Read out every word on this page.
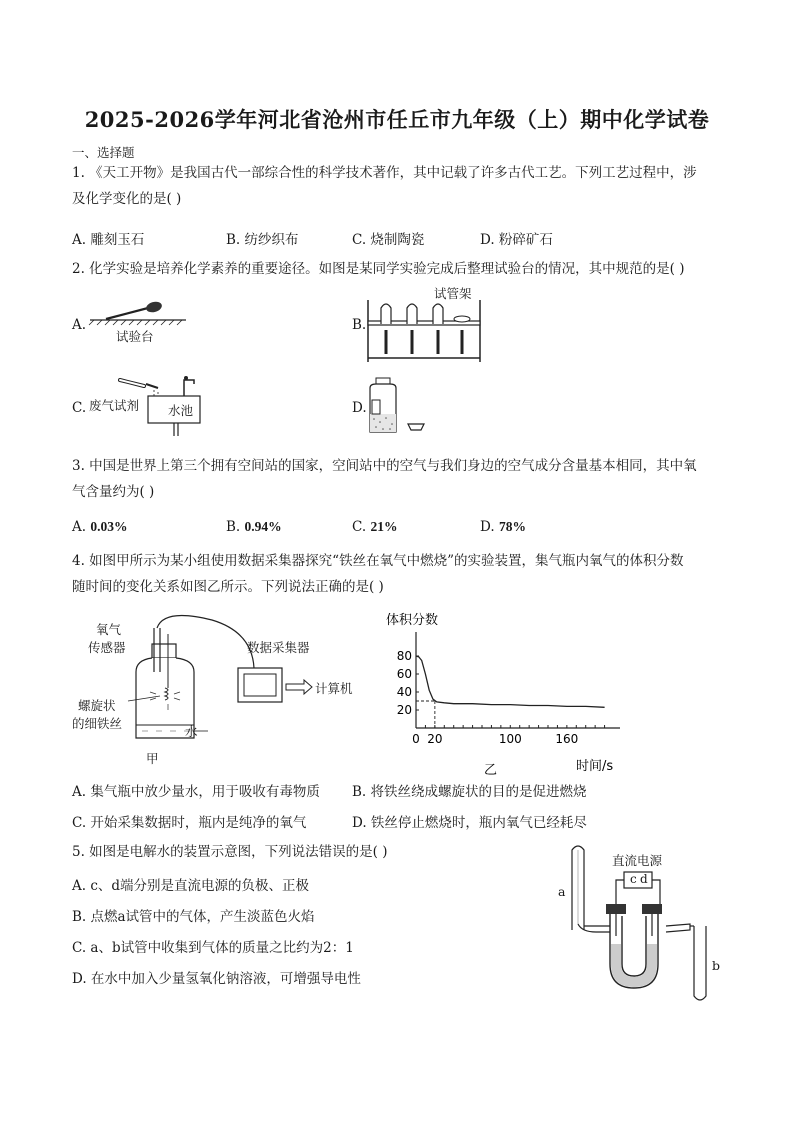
2025-2026学年河北省沧州市任丘市九年级（上）期中化学试卷
一、选择题
1. 《天工开物》是我国古代一部综合性的科学技术著作，其中记载了许多古代工艺。下列工艺过程中，涉
及化学变化的是( )
A. 雕刻玉石	B. 纺纱织布	C. 烧制陶瓷	D. 粉碎矿石
2. 化学实验是培养化学素养的重要途径。如图是某同学实验完成后整理试验台的情况，其中规范的是( )
A.
试验台
B.
试管架
C. 废气试剂 水池	D.
3. 中国是世界上第三个拥有空间站的国家，空间站中的空气与我们身边的空气成分含量基本相同，其中氧
气含量约为( )
A. 0.03%	B. 0.94%	C. 21%	D. 78%
4. 如图甲所示为某小组使用数据采集器探究“铁丝在氧气中燃烧”的实验装置，集气瓶内氧气的体积分数
随时间的变化关系如图乙所示。下列说法正确的是( )
氧气
传感器	数据采集器
计算机
螺旋状
的细铁丝
水
甲
体积分数
80
60
40
20
0 20	100	160
时间/s
乙
A. 集气瓶中放少量水，用于吸收有毒物质 B. 将铁丝绕成螺旋状的目的是促进燃烧
C. 开始采集数据时，瓶内是纯净的氧气	D. 铁丝停止燃烧时，瓶内氧气已经耗尽
5. 如图是电解水的装置示意图，下列说法错误的是( )
A. c、d端分别是直流电源的负极、正极
B. 点燃a试管中的气体，产生淡蓝色火焰
C. a、b试管中收集到气体的质量之比约为2：1
D. 在水中加入少量氢氧化钠溶液，可增强导电性
直流电源
c d
a
b
